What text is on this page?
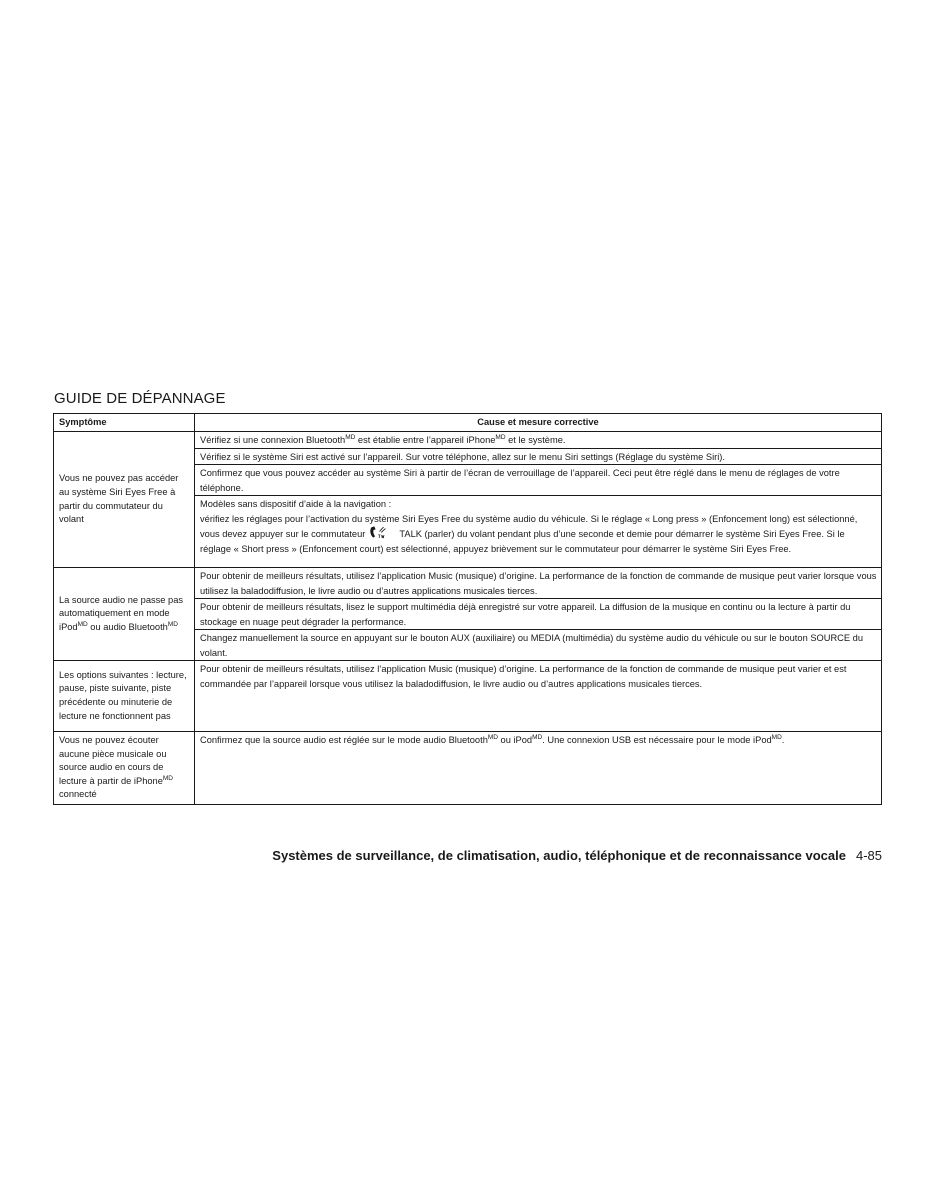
GUIDE DE DÉPANNAGE
Symptôme	Cause et mesure corrective
Vous ne pouvez pas accéder au système Siri Eyes Free à partir du commutateur du volant	Vérifiez si une connexion Bluetooth$^{MD}$ est établie entre l’appareil iPhone$^{MD}$ et le système.
	Vérifiez si le système Siri est activé sur l’appareil. Sur votre téléphone, allez sur le menu Siri settings (Réglage du système Siri).
	Confirmez que vous pouvez accéder au système Siri à partir de l’écran de verrouillage de l’appareil. Ceci peut être réglé dans le menu de réglages de votre téléphone.
	Modèles sans dispositif d’aide à la navigation :
vérifiez les réglages pour l’activation du système Siri Eyes Free du système audio du véhicule. Si le réglage « Long press » (Enfoncement long) est sélectionné, vous devez appuyer sur le commutateur TALK (parler) du volant pendant plus d’une seconde et demie pour démarrer le système Siri Eyes Free. Si le réglage « Short press » (Enfoncement court) est sélectionné, appuyez brièvement sur le commutateur pour démarrer le système Siri Eyes Free.
La source audio ne passe pas automatiquement en mode iPod$^{MD}$ ou audio Bluetooth$^{MD}$	Pour obtenir de meilleurs résultats, utilisez l’application Music (musique) d’origine. La performance de la fonction de commande de musique peut varier lorsque vous utilisez la baladodiffusion, le livre audio ou d’autres applications musicales tierces.
	Pour obtenir de meilleurs résultats, lisez le support multimédia déjà enregistré sur votre appareil. La diffusion de la musique en continu ou la lecture à partir du stockage en nuage peut dégrader la performance.
	Changez manuellement la source en appuyant sur le bouton AUX (auxiliaire) ou MEDIA (multimédia) du système audio du véhicule ou sur le bouton SOURCE du volant.
Les options suivantes : lecture, pause, piste suivante, piste précédente ou minuterie de lecture ne fonctionnent pas	Pour obtenir de meilleurs résultats, utilisez l’application Music (musique) d’origine. La performance de la fonction de commande de musique peut varier et est commandée par l’appareil lorsque vous utilisez la baladodiffusion, le livre audio ou d’autres applications musicales tierces.
Vous ne pouvez écouter aucune pièce musicale ou source audio en cours de lecture à partir de iPhone$^{MD}$ connecté	Confirmez que la source audio est réglée sur le mode audio Bluetooth$^{MD}$ ou iPod$^{MD}$. Une connexion USB est nécessaire pour le mode iPod$^{MD}$.
Systèmes de surveillance, de climatisation, audio, téléphonique et de reconnaissance vocale 4-85
